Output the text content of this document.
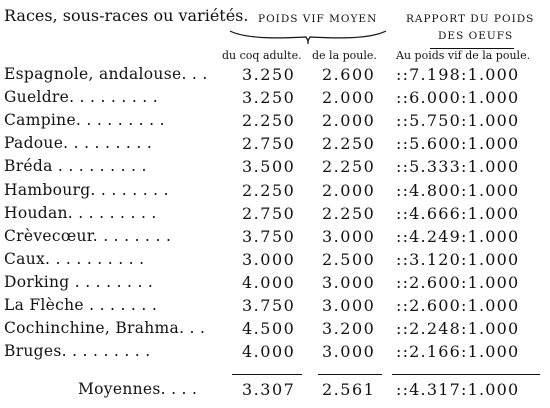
Races, sous-races ou variétés. POIDS VIF MOYEN	RAPPORT DU POIDS
DES OEUFS
du coq adulte. de la poule. Au poids vif de la poule.
Espagnole, andalouse. . . 3.250 2.600 ::7.198:1.000
Gueldre. . . . . . . . .	3.250 2.000 ::6.000:1.000
Campine. . . . . . . . .	2.250 2.000 ::5.750:1.000
Padoue. . . . . . . . .	2.750 2.250 ::5.600:1.000
Bréda . . . . . . . . .	3.500 2.250 ::5.333:1.000
Hambourg. . . . . . . .	2.250 2.000 ::4.800:1.000
Houdan. . . . . . . . .	2.750 2.250 ::4.666:1.000
Crèvecœur. . . . . . . .	3.750 3.000 ::4.249:1.000
Caux. . . . . . . . . .	3.000 2.500 ::3.120:1.000
Dorking . . . . . . . .	4.000 3.000 ::2.600:1.000
La Flèche . . . . . . .	3.750 3.000 ::2.600:1.000
Cochinchine, Brahma. . . 4.500 3.200 ::2.248:1.000
Bruges. . . . . . . . .	4.000 3.000 ::2.166:1.000
Moyennes. . . .	3.307 2.561 ::4.317:1.000
